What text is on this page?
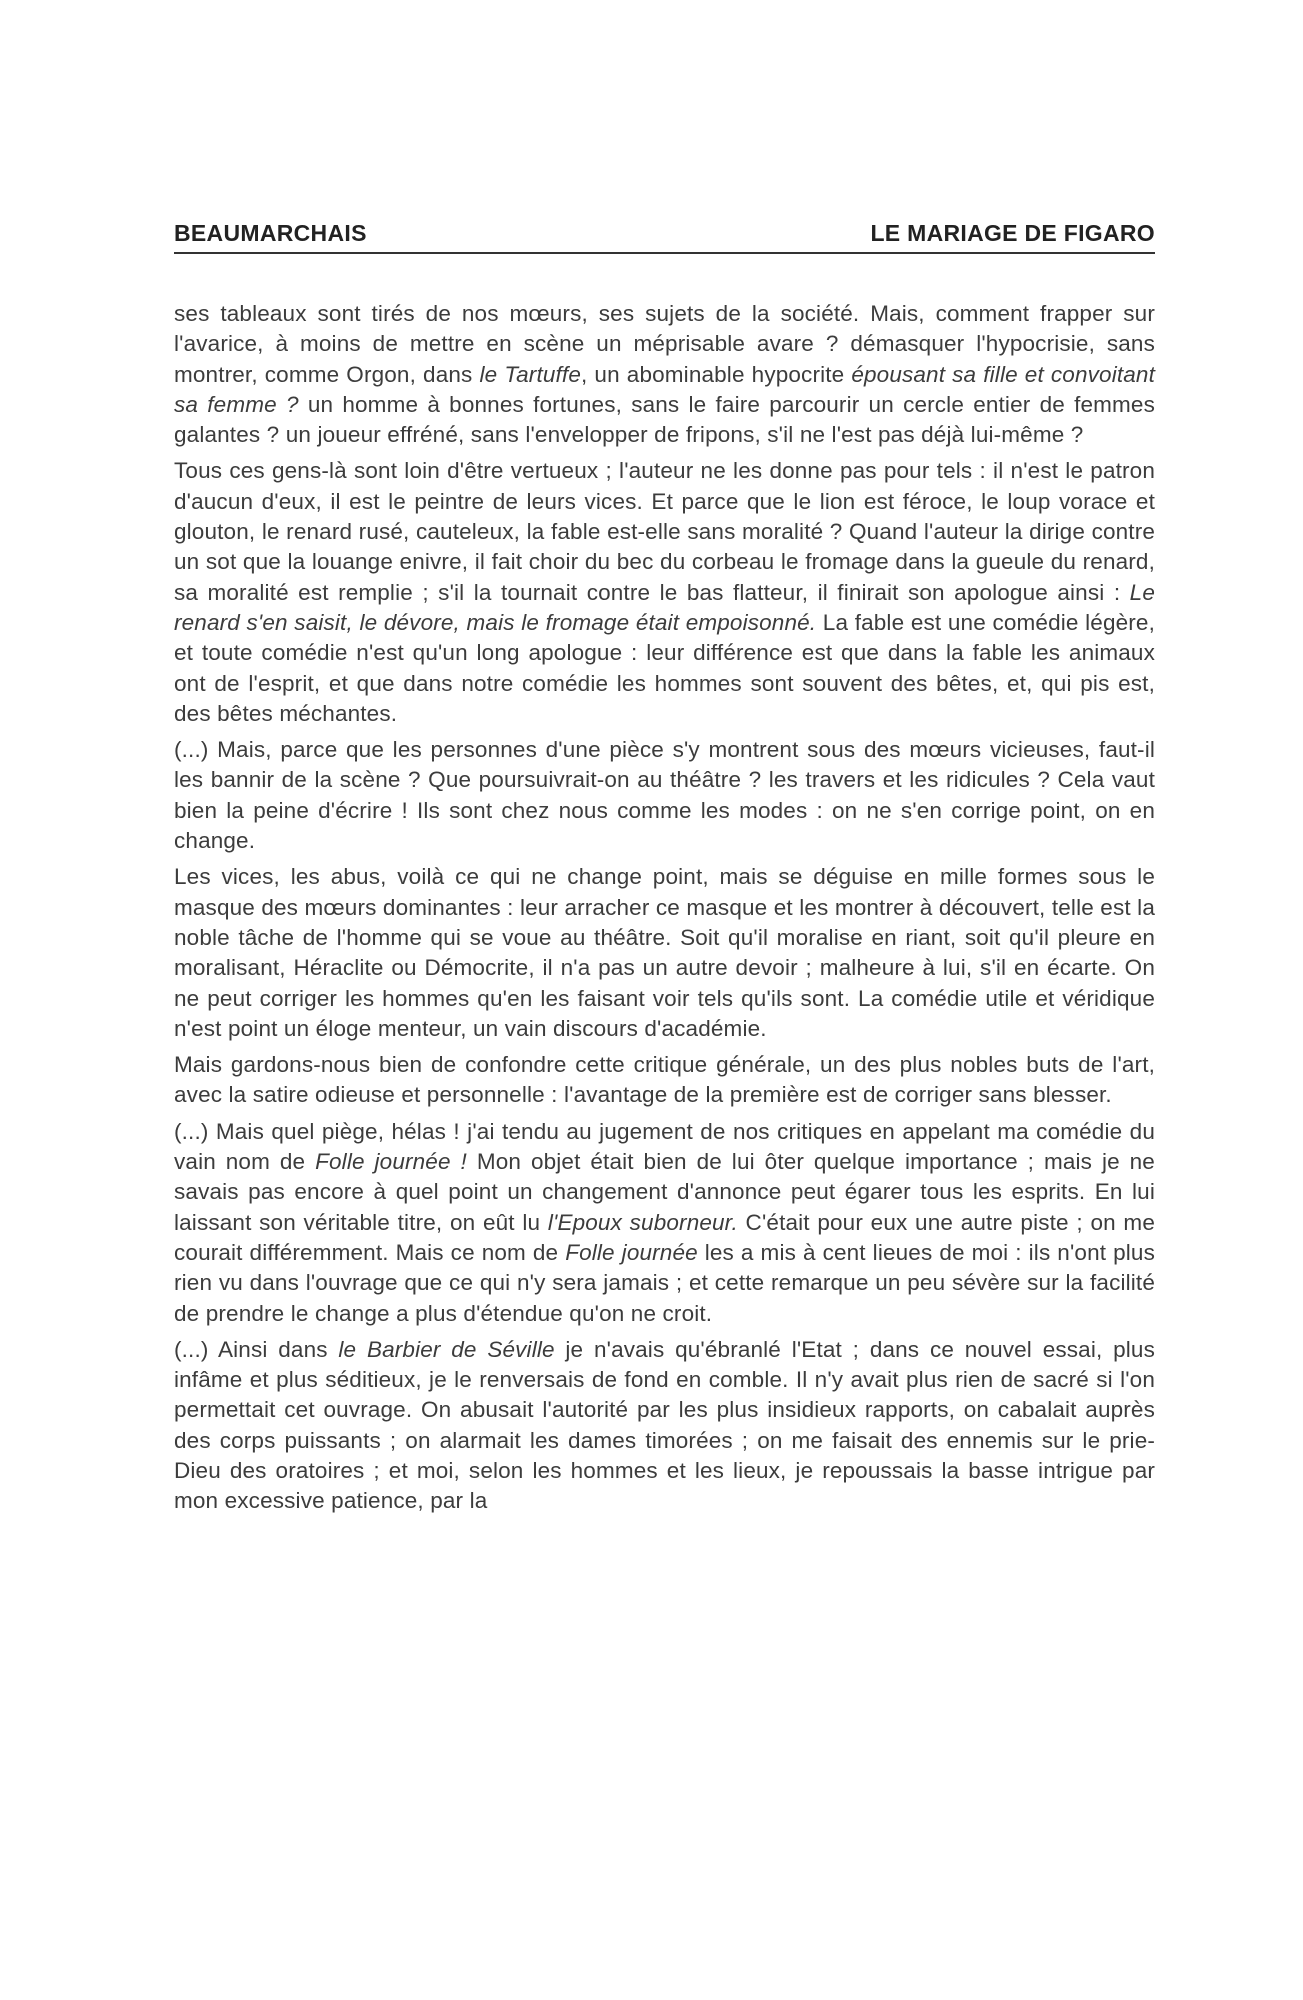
BEAUMARCHAIS	LE MARIAGE DE FIGARO

ses tableaux sont tirés de nos mœurs, ses sujets de la société. Mais, comment frapper sur l'avarice, à moins de mettre en scène un méprisable avare ? démasquer l'hypocrisie, sans montrer, comme Orgon, dans le Tartuffe, un abominable hypocrite épousant sa fille et convoitant sa femme ? un homme à bonnes fortunes, sans le faire parcourir un cercle entier de femmes galantes ? un joueur effréné, sans l'envelopper de fripons, s'il ne l'est pas déjà lui-même ?

Tous ces gens-là sont loin d'être vertueux ; l'auteur ne les donne pas pour tels : il n'est le patron d'aucun d'eux, il est le peintre de leurs vices. Et parce que le lion est féroce, le loup vorace et glouton, le renard rusé, cauteleux, la fable est-elle sans moralité ? Quand l'auteur la dirige contre un sot que la louange enivre, il fait choir du bec du corbeau le fromage dans la gueule du renard, sa moralité est remplie ; s'il la tournait contre le bas flatteur, il finirait son apologue ainsi : Le renard s'en saisit, le dévore, mais le fromage était empoisonné. La fable est une comédie légère, et toute comédie n'est qu'un long apologue : leur différence est que dans la fable les animaux ont de l'esprit, et que dans notre comédie les hommes sont souvent des bêtes, et, qui pis est, des bêtes méchantes.

(...) Mais, parce que les personnes d'une pièce s'y montrent sous des mœurs vicieuses, faut-il les bannir de la scène ? Que poursuivrait-on au théâtre ? les travers et les ridicules ? Cela vaut bien la peine d'écrire ! Ils sont chez nous comme les modes : on ne s'en corrige point, on en change.

Les vices, les abus, voilà ce qui ne change point, mais se déguise en mille formes sous le masque des mœurs dominantes : leur arracher ce masque et les montrer à découvert, telle est la noble tâche de l'homme qui se voue au théâtre. Soit qu'il moralise en riant, soit qu'il pleure en moralisant, Héraclite ou Démocrite, il n'a pas un autre devoir ; malheure à lui, s'il en écarte. On ne peut corriger les hommes qu'en les faisant voir tels qu'ils sont. La comédie utile et véridique n'est point un éloge menteur, un vain discours d'académie.

Mais gardons-nous bien de confondre cette critique générale, un des plus nobles buts de l'art, avec la satire odieuse et personnelle : l'avantage de la première est de corriger sans blesser.

(...) Mais quel piège, hélas ! j'ai tendu au jugement de nos critiques en appelant ma comédie du vain nom de Folle journée ! Mon objet était bien de lui ôter quelque importance ; mais je ne savais pas encore à quel point un changement d'annonce peut égarer tous les esprits. En lui laissant son véritable titre, on eût lu l'Epoux suborneur. C'était pour eux une autre piste ; on me courait différemment. Mais ce nom de Folle journée les a mis à cent lieues de moi : ils n'ont plus rien vu dans l'ouvrage que ce qui n'y sera jamais ; et cette remarque un peu sévère sur la facilité de prendre le change a plus d'étendue qu'on ne croit.

(...) Ainsi dans le Barbier de Séville je n'avais qu'ébranlé l'Etat ; dans ce nouvel essai, plus infâme et plus séditieux, je le renversais de fond en comble. Il n'y avait plus rien de sacré si l'on permettait cet ouvrage. On abusait l'autorité par les plus insidieux rapports, on cabalait auprès des corps puissants ; on alarmait les dames timorées ; on me faisait des ennemis sur le prie-Dieu des oratoires ; et moi, selon les hommes et les lieux, je repoussais la basse intrigue par mon excessive patience, par la
